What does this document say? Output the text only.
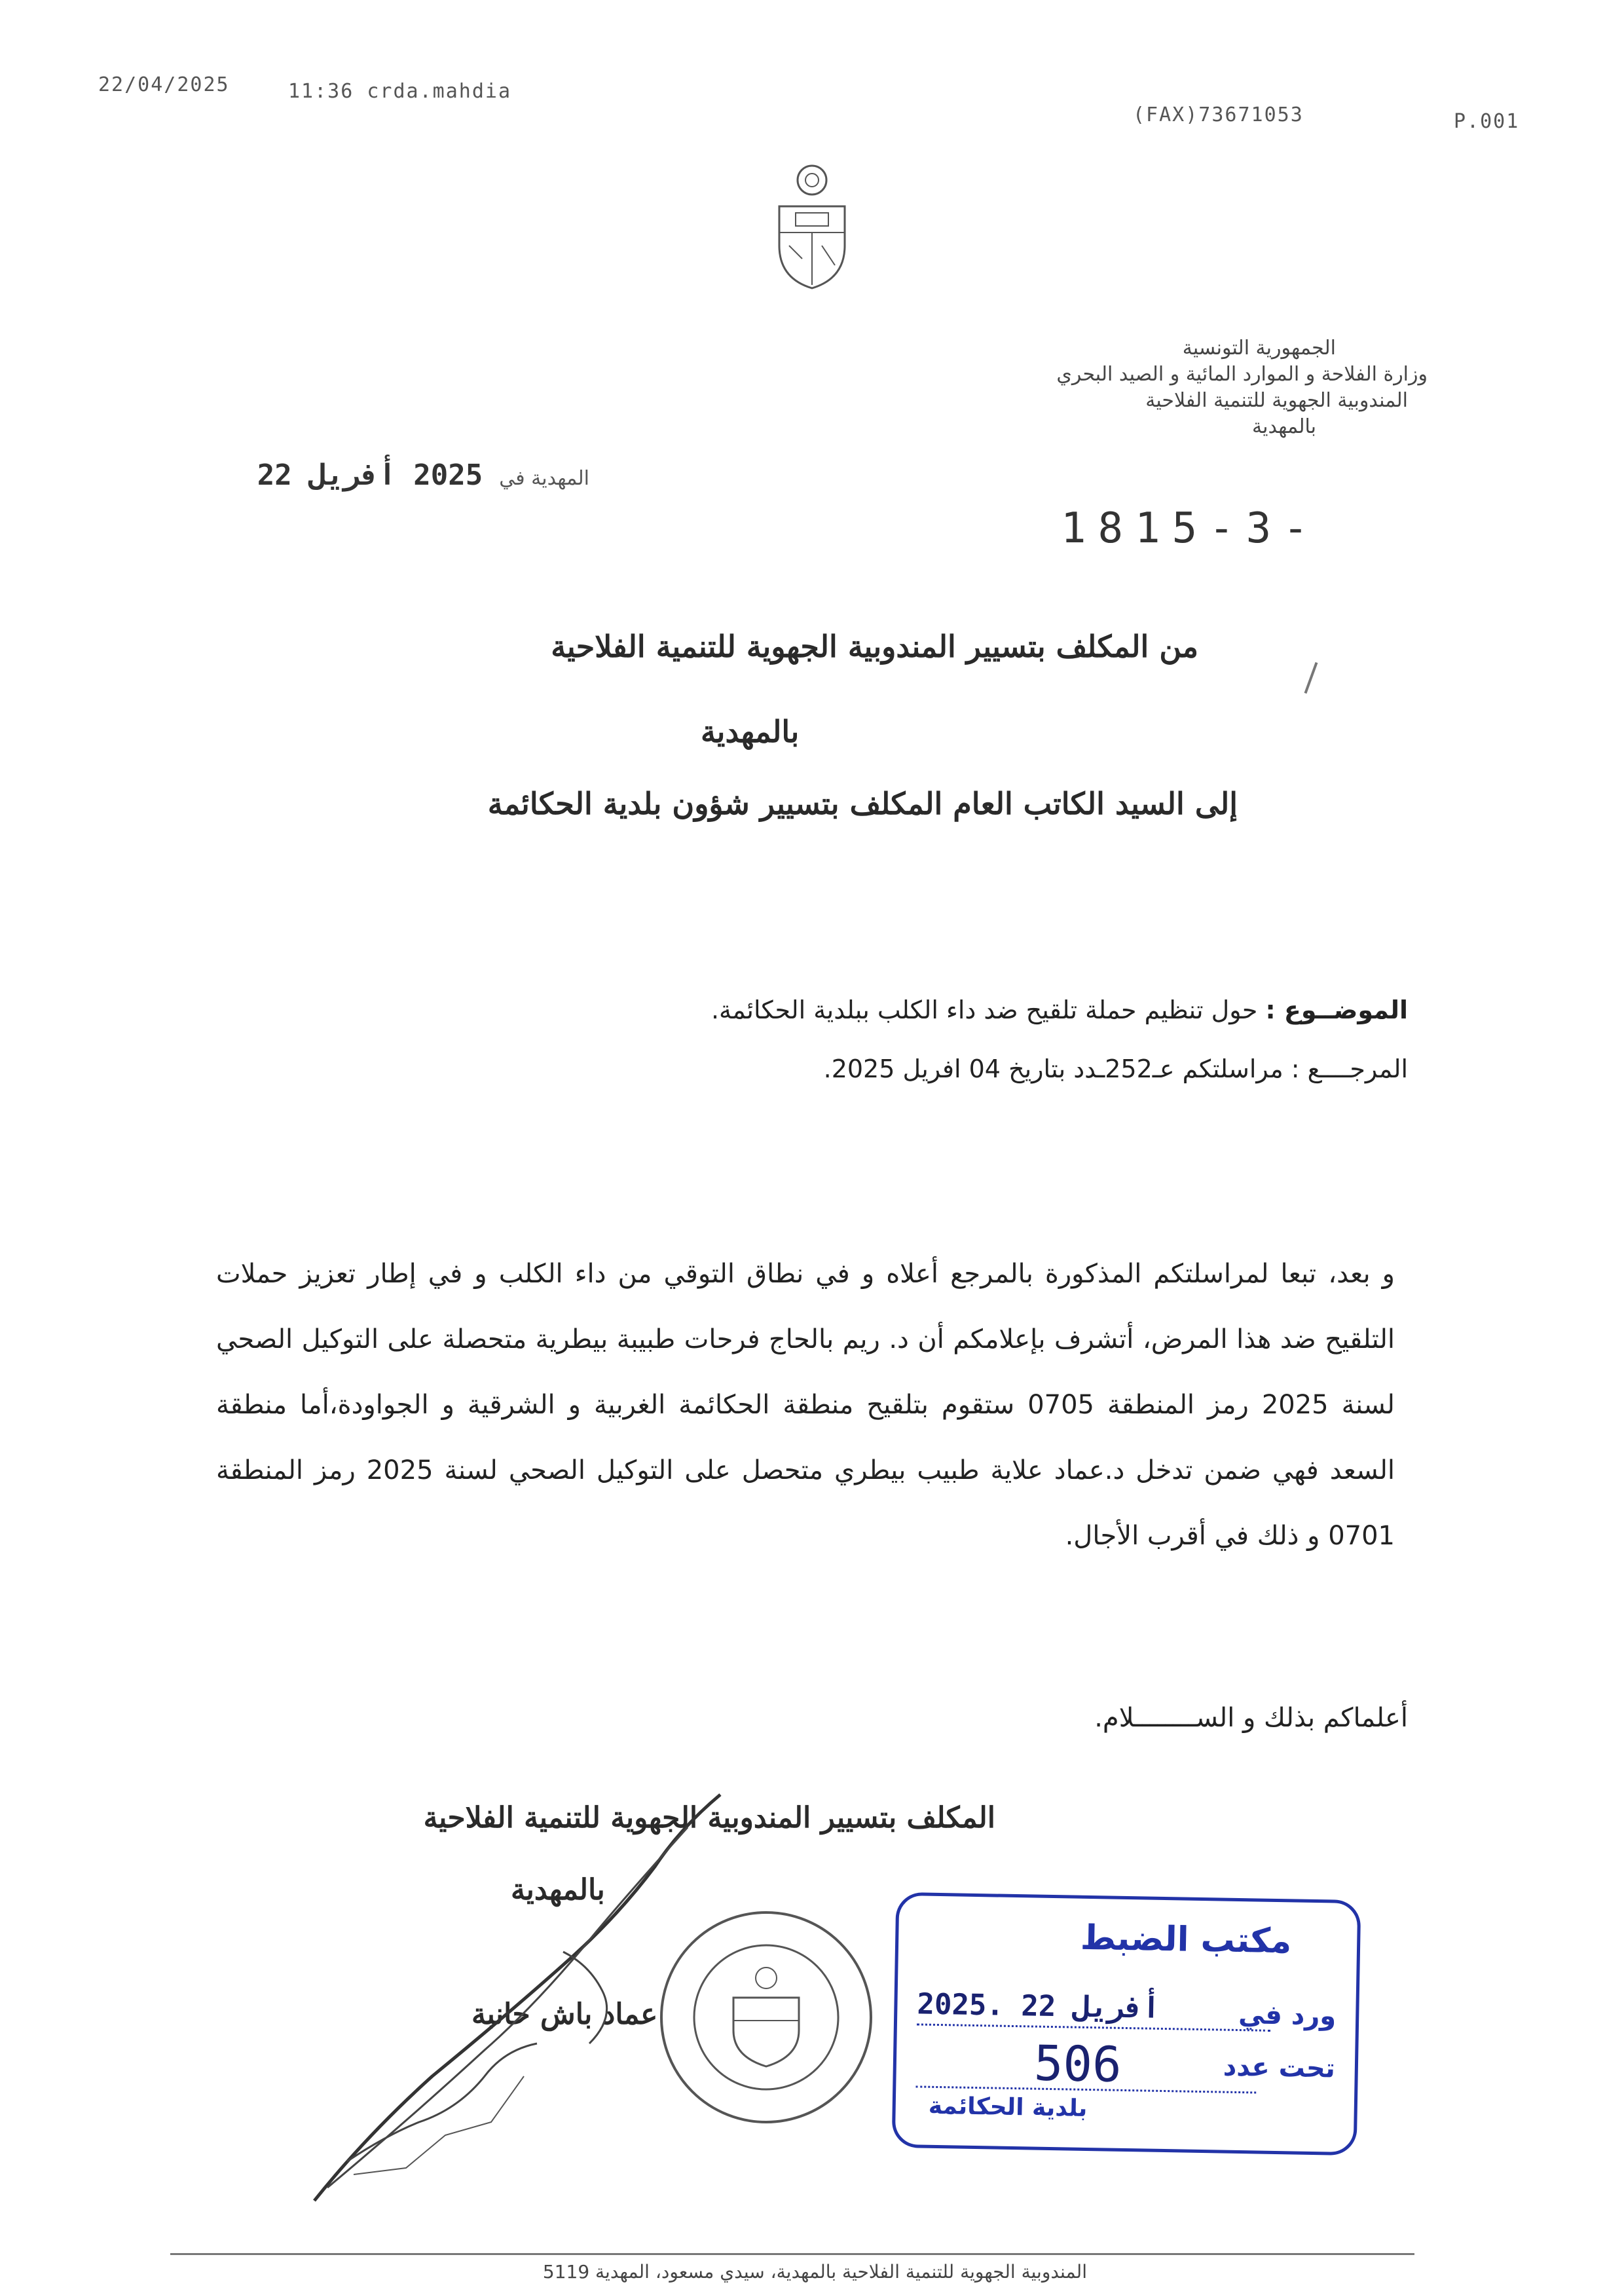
22/04/2025	11:36 crda.mahdia
(FAX)73671053	P.001
الجمهورية التونسية
وزارة الفلاحة و الموارد المائية و الصيد البحري
المندوبية الجهوية للتنمية الفلاحية
بالمهدية
المهدية في 2025 أفريل 22
1815-3-
من المكلف بتسيير المندوبية الجهوية للتنمية الفلاحية
بالمهدية
إلى السيد الكاتب العام المكلف بتسيير شؤون بلدية الحكائمة
الموضــوع : حول تنظيم حملة تلقيح ضد داء الكلب ببلدية الحكائمة.
المرجــــع : مراسلتكم عـ252ـدد بتاريخ 04 افريل 2025.
و بعد، تبعا لمراسلتكم المذكورة بالمرجع أعلاه و في نطاق التوقي من داء الكلب و في إطار تعزيز حملات التلقيح ضد هذا المرض، أتشرف بإعلامكم أن د. ريم بالحاج فرحات طبيبة بيطرية متحصلة على التوكيل الصحي لسنة 2025 رمز المنطقة 0705 ستقوم بتلقيح منطقة الحكائمة الغربية و الشرقية و الجواودة،أما منطقة السعد فهي ضمن تدخل د.عماد علاية طبيب بيطري متحصل على التوكيل الصحي لسنة 2025 رمز المنطقة 0701 و ذلك في أقرب الأجال.
أعلماكم بذلك و الســــــــلام.
المكلف بتسيير المندوبية الجهوية للتنمية الفلاحية
بالمهدية
عماد باش حانبة
مكتب الضبط
ورد في
2025. أفريل 22
تحت عدد
506
بلدية الحكائمة
المندوبية الجهوية للتنمية الفلاحية بالمهدية، سيدي مسعود، المهدية 5119
